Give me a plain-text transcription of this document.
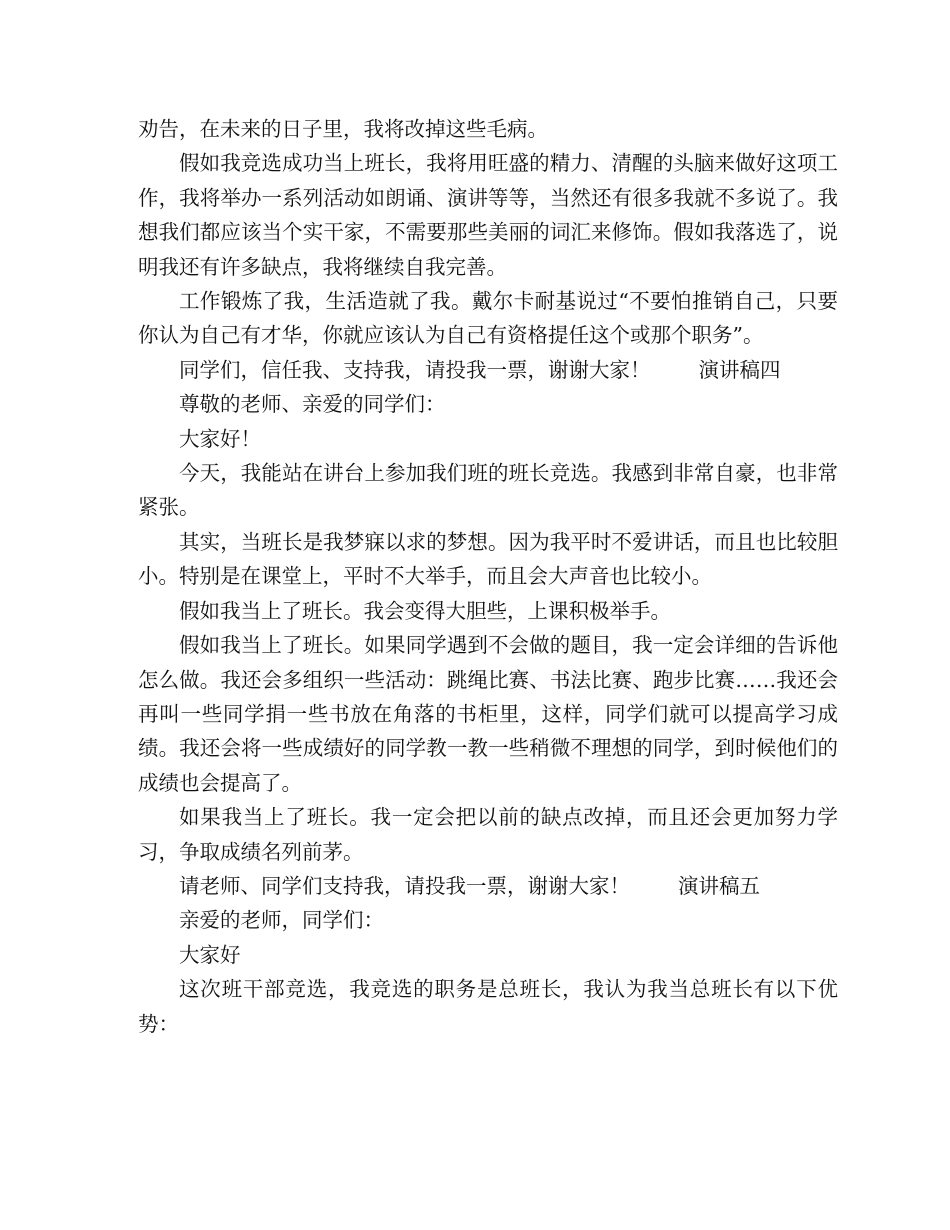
劝告，在未来的日子里，我将改掉这些毛病。

假如我竞选成功当上班长，我将用旺盛的精力、清醒的头脑来做好这项工作，我将举办一系列活动如朗诵、演讲等等，当然还有很多我就不多说了。我想我们都应该当个实干家，不需要那些美丽的词汇来修饰。假如我落选了，说明我还有许多缺点，我将继续自我完善。

工作锻炼了我，生活造就了我。戴尔卡耐基说过“不要怕推销自己，只要你认为自己有才华，你就应该认为自己有资格提任这个或那个职务”。

同学们，信任我、支持我，请投我一票，谢谢大家！ 演讲稿四

尊敬的老师、亲爱的同学们：

大家好！

今天，我能站在讲台上参加我们班的班长竞选。我感到非常自豪，也非常紧张。

其实，当班长是我梦寐以求的梦想。因为我平时不爱讲话，而且也比较胆小。特别是在课堂上，平时不大举手，而且会大声音也比较小。

假如我当上了班长。我会变得大胆些，上课积极举手。

假如我当上了班长。如果同学遇到不会做的题目，我一定会详细的告诉他怎么做。我还会多组织一些活动：跳绳比赛、书法比赛、跑步比赛……我还会再叫一些同学捐一些书放在角落的书柜里，这样，同学们就可以提高学习成绩。我还会将一些成绩好的同学教一教一些稍微不理想的同学，到时候他们的成绩也会提高了。

如果我当上了班长。我一定会把以前的缺点改掉，而且还会更加努力学习，争取成绩名列前茅。

请老师、同学们支持我，请投我一票，谢谢大家！ 演讲稿五

亲爱的老师，同学们：

大家好

这次班干部竞选，我竞选的职务是总班长，我认为我当总班长有以下优势：
